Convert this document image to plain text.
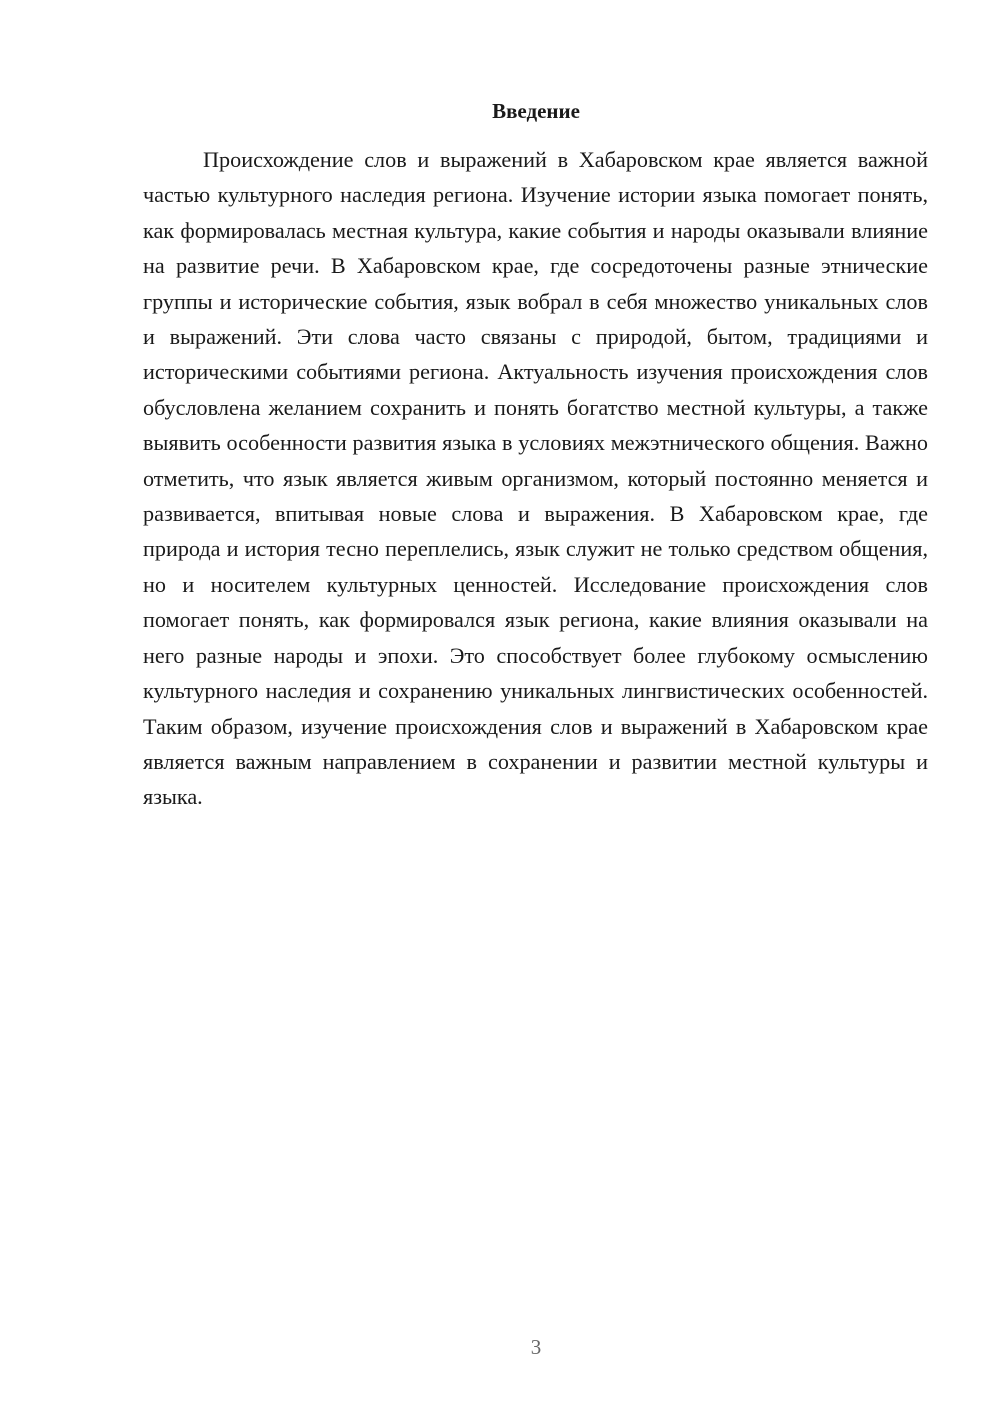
Введение

Происхождение слов и выражений в Хабаровском крае является важной частью культурного наследия региона. Изучение истории языка помогает понять, как формировалась местная культура, какие события и народы оказывали влияние на развитие речи. В Хабаровском крае, где сосредоточены разные этнические группы и исторические события, язык вобрал в себя множество уникальных слов и выражений. Эти слова часто связаны с природой, бытом, традициями и историческими событиями региона. Актуальность изучения происхождения слов обусловлена желанием сохранить и понять богатство местной культуры, а также выявить особенности развития языка в условиях межэтнического общения. Важно отметить, что язык является живым организмом, который постоянно меняется и развивается, впитывая новые слова и выражения. В Хабаровском крае, где природа и история тесно переплелись, язык служит не только средством общения, но и носителем культурных ценностей. Исследование происхождения слов помогает понять, как формировался язык региона, какие влияния оказывали на него разные народы и эпохи. Это способствует более глубокому осмыслению культурного наследия и сохранению уникальных лингвистических особенностей. Таким образом, изучение происхождения слов и выражений в Хабаровском крае является важным направлением в сохранении и развитии местной культуры и языка.

3
